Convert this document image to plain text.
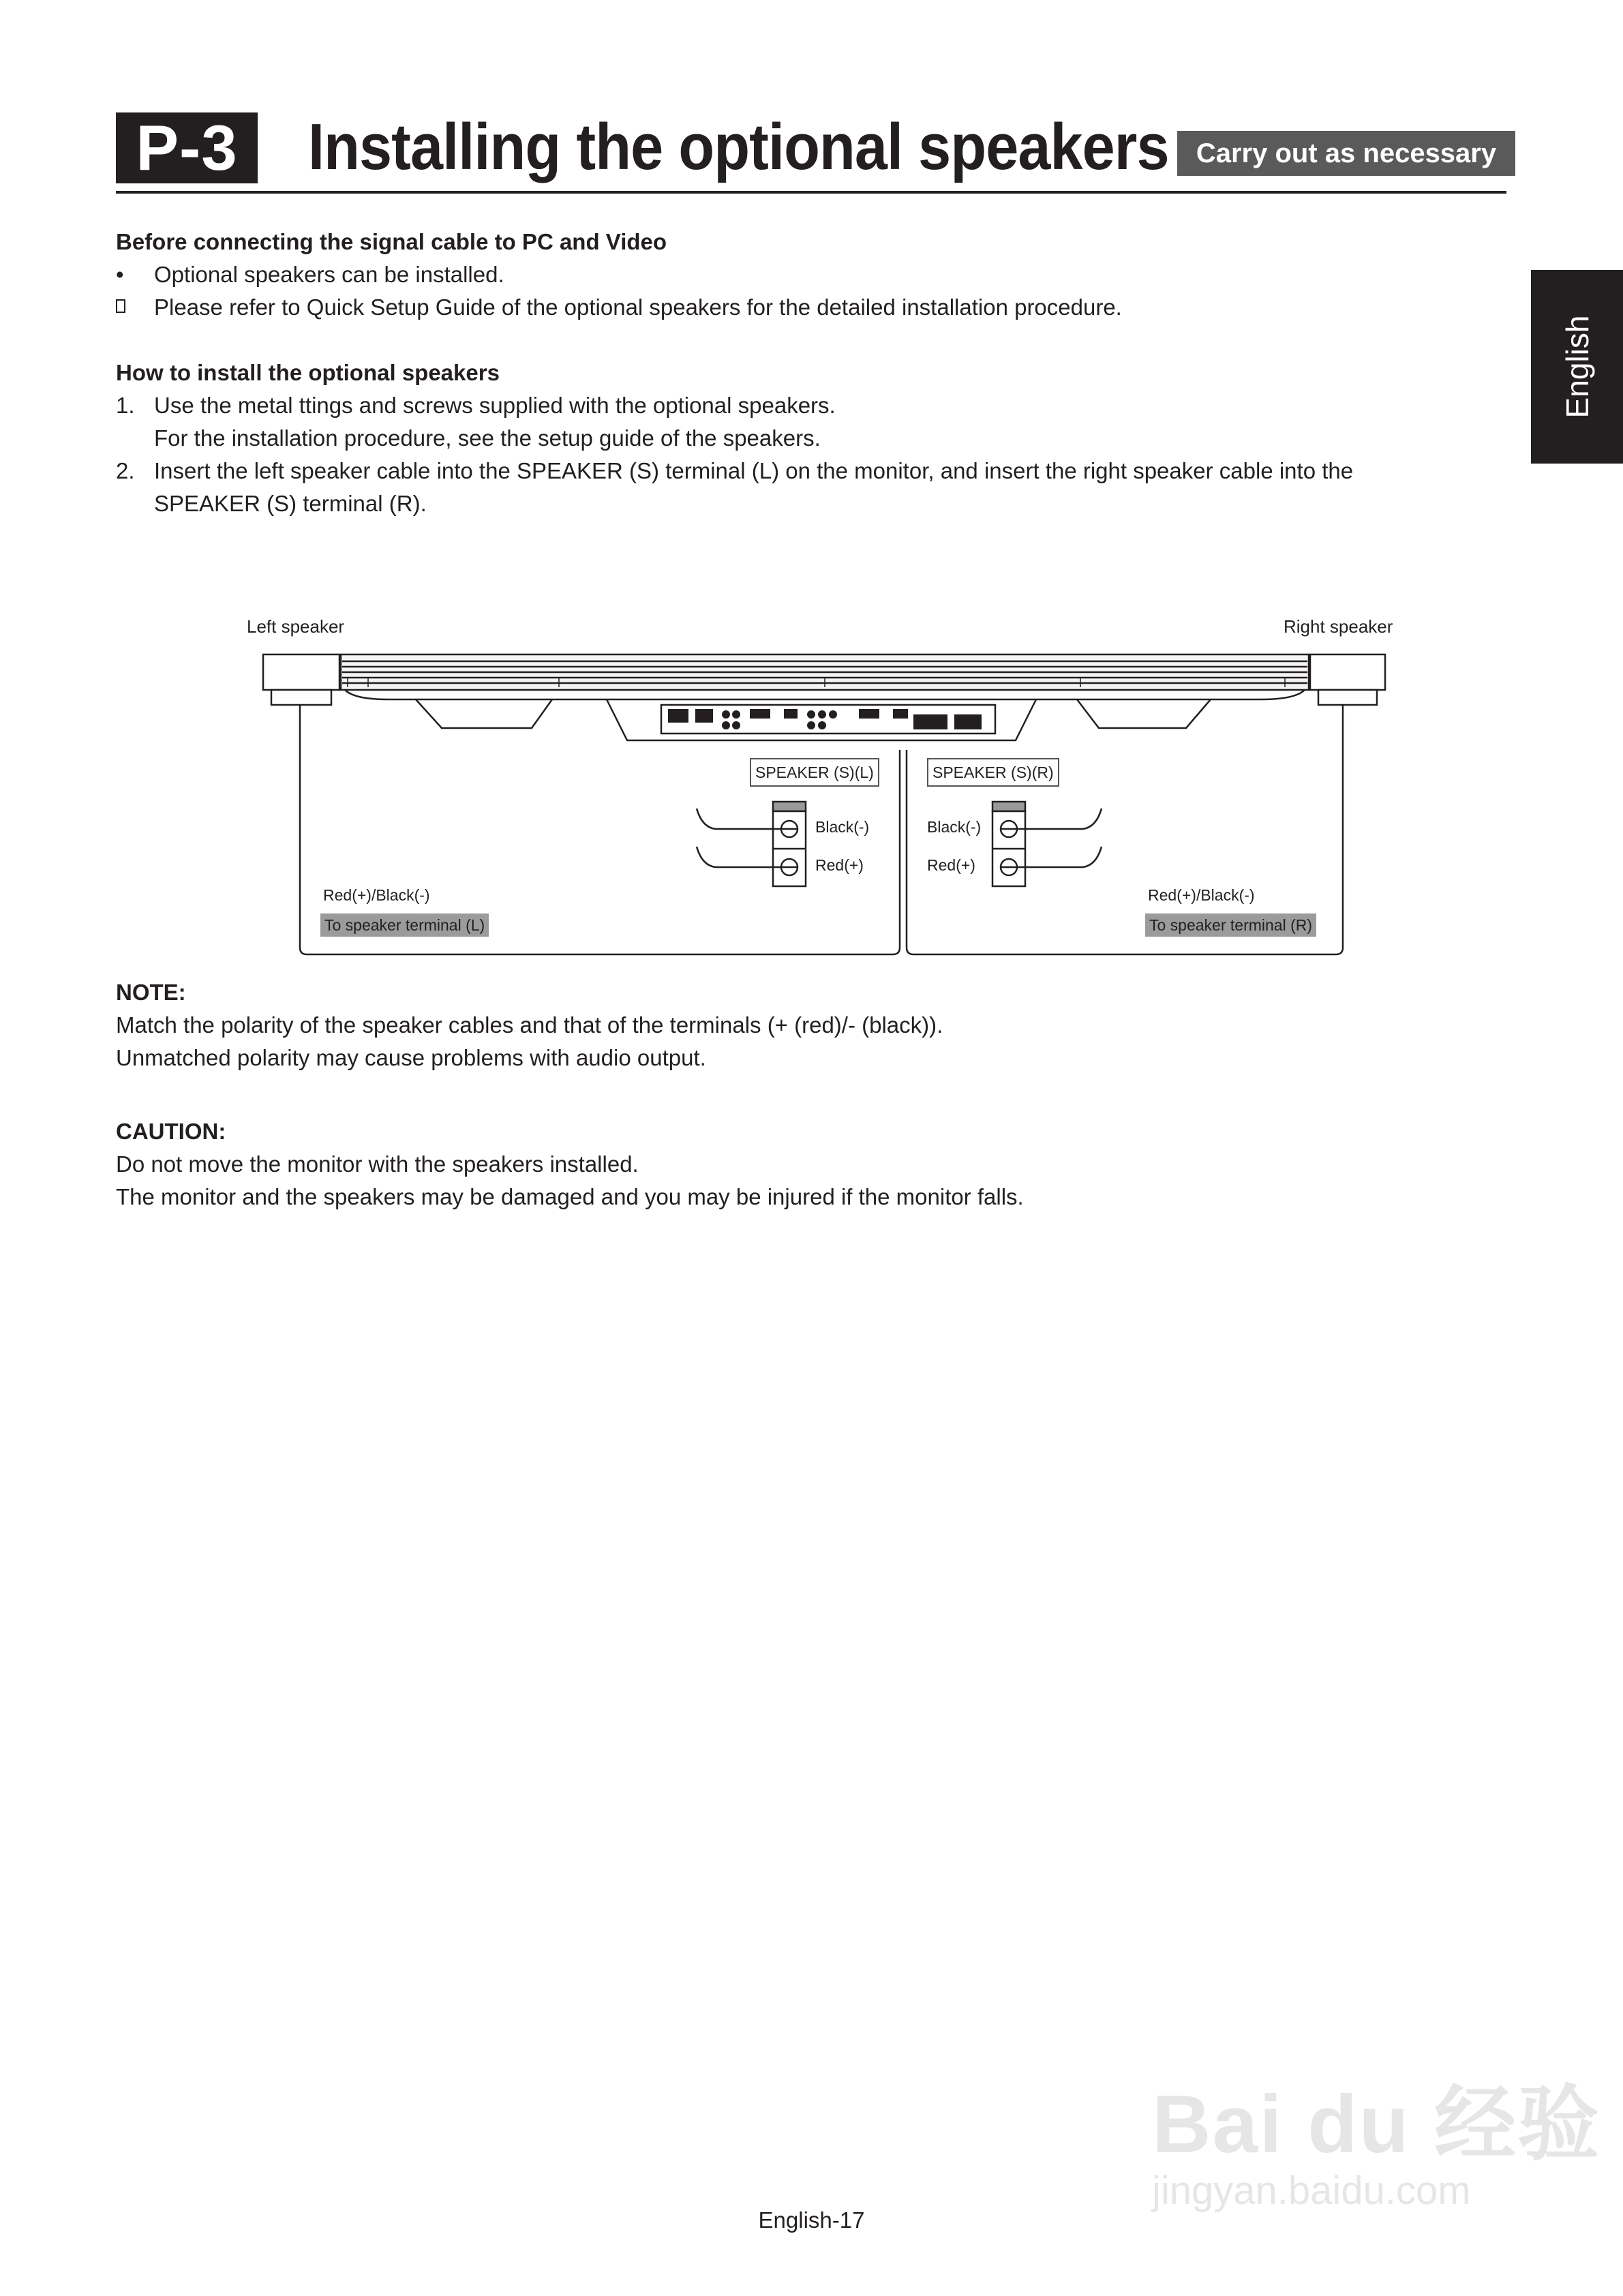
P-3	Installing the optional speakers	Carry out as necessary
English
Before connecting the signal cable to PC and Video
• Optional speakers can be installed.
Please refer to Quick Setup Guide of the optional speakers for the detailed installation procedure.
How to install the optional speakers
1. Use the metal ttings and screws supplied with the optional speakers.
For the installation procedure, see the setup guide of the speakers.
2. Insert the left speaker cable into the SPEAKER (S) terminal (L) on the monitor, and insert the right speaker cable into the
SPEAKER (S) terminal (R).
Left speaker	Right speaker
SPEAKER (S)(L)	SPEAKER (S)(R)
Black(-)
Red(+)
Black(-)
Red(+)
Red(+)/Black(-)
To speaker terminal (L)
Red(+)/Black(-)
To speaker terminal (R)
NOTE:
Match the polarity of the speaker cables and that of the terminals (+ (red)/- (black)).
Unmatched polarity may cause problems with audio output.
CAUTION:
Do not move the monitor with the speakers installed.
The monitor and the speakers may be damaged and you may be injured if the monitor falls.
Bai du 经验
jingyan.baidu.com
English-17
